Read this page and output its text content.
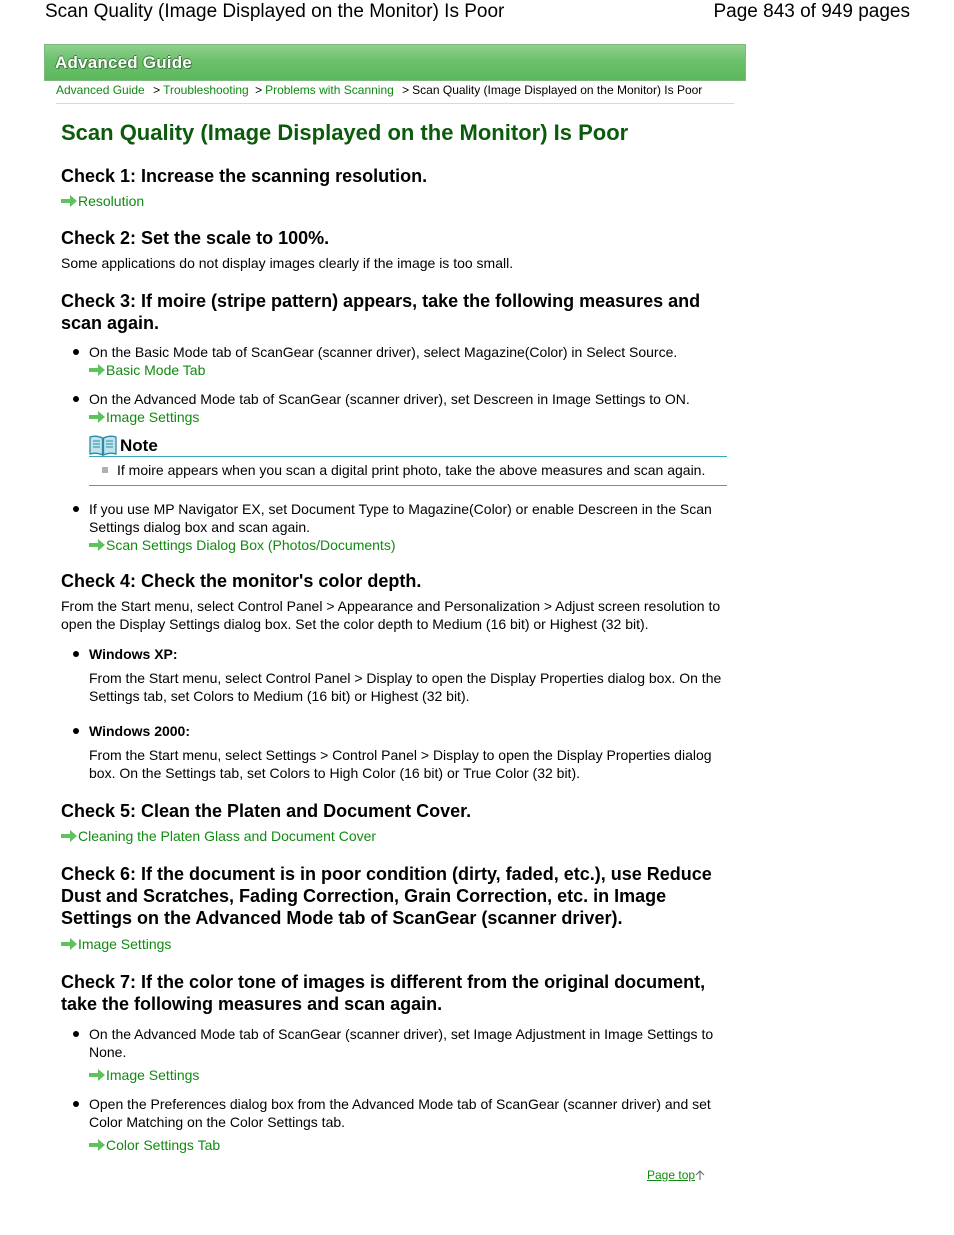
Scan Quality (Image Displayed on the Monitor) Is Poor	Page 843 of 949 pages
Advanced Guide
Advanced Guide > Troubleshooting > Problems with Scanning > Scan Quality (Image Displayed on the Monitor) Is Poor
Scan Quality (Image Displayed on the Monitor) Is Poor
Check 1: Increase the scanning resolution.
Resolution
Check 2: Set the scale to 100%.

Some applications do not display images clearly if the image is too small.

Check 3: If moire (stripe pattern) appears, take the following measures and scan again.
On the Basic Mode tab of ScanGear (scanner driver), select Magazine(Color) in Select Source.
Basic Mode Tab
On the Advanced Mode tab of ScanGear (scanner driver), set Descreen in Image Settings to ON.
Image Settings
Note
If moire appears when you scan a digital print photo, take the above measures and scan again.
If you use MP Navigator EX, set Document Type to Magazine(Color) or enable Descreen in the Scan Settings dialog box and scan again.
Scan Settings Dialog Box (Photos/Documents)
Check 4: Check the monitor's color depth.

From the Start menu, select Control Panel > Appearance and Personalization > Adjust screen resolution to open the Display Settings dialog box. Set the color depth to Medium (16 bit) or Highest (32 bit).

Windows XP:
From the Start menu, select Control Panel > Display to open the Display Properties dialog box. On the Settings tab, set Colors to Medium (16 bit) or Highest (32 bit).
Windows 2000:
From the Start menu, select Settings > Control Panel > Display to open the Display Properties dialog box. On the Settings tab, set Colors to High Color (16 bit) or True Color (32 bit).
Check 5: Clean the Platen and Document Cover.
Cleaning the Platen Glass and Document Cover
Check 6: If the document is in poor condition (dirty, faded, etc.), use Reduce Dust and Scratches, Fading Correction, Grain Correction, etc. in Image Settings on the Advanced Mode tab of ScanGear (scanner driver).
Image Settings
Check 7: If the color tone of images is different from the original document, take the following measures and scan again.
On the Advanced Mode tab of ScanGear (scanner driver), set Image Adjustment in Image Settings to None.
Image Settings
Open the Preferences dialog box from the Advanced Mode tab of ScanGear (scanner driver) and set Color Matching on the Color Settings tab.
Color Settings Tab
Page top
